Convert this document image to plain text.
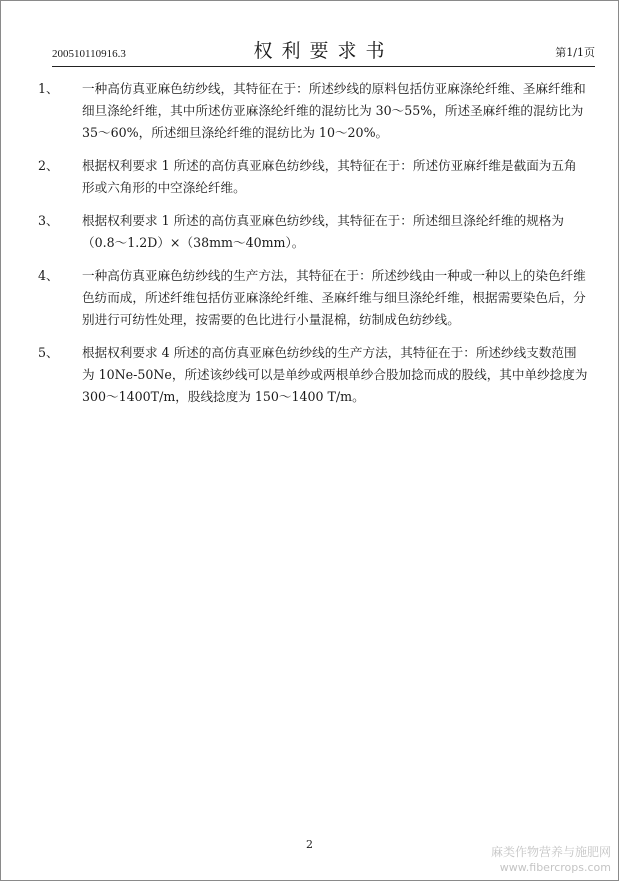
200510110916.3	权利要求书	第1/1页
1、 一种高仿真亚麻色纺纱线，其特征在于：所述纱线的原料包括仿亚麻涤纶纤维、圣麻纤维和细旦涤纶纤维，其中所述仿亚麻涤纶纤维的混纺比为 30～55%，所述圣麻纤维的混纺比为 35～60%，所述细旦涤纶纤维的混纺比为 10～20%。
2、 根据权利要求 1 所述的高仿真亚麻色纺纱线，其特征在于：所述仿亚麻纤维是截面为五角形或六角形的中空涤纶纤维。
3、 根据权利要求 1 所述的高仿真亚麻色纺纱线，其特征在于：所述细旦涤纶纤维的规格为（0.8～1.2D）×（38mm～40mm）。
4、 一种高仿真亚麻色纺纱线的生产方法，其特征在于：所述纱线由一种或一种以上的染色纤维色纺而成，所述纤维包括仿亚麻涤纶纤维、圣麻纤维与细旦涤纶纤维，根据需要染色后，分别进行可纺性处理，按需要的色比进行小量混棉，纺制成色纺纱线。
5、 根据权利要求 4 所述的高仿真亚麻色纺纱线的生产方法，其特征在于：所述纱线支数范围为 10Ne-50Ne，所述该纱线可以是单纱或两根单纱合股加捻而成的股线，其中单纱捻度为 300～1400T/m，股线捻度为 150～1400 T/m。
2
麻类作物营养与施肥网
www.fibercrops.com
